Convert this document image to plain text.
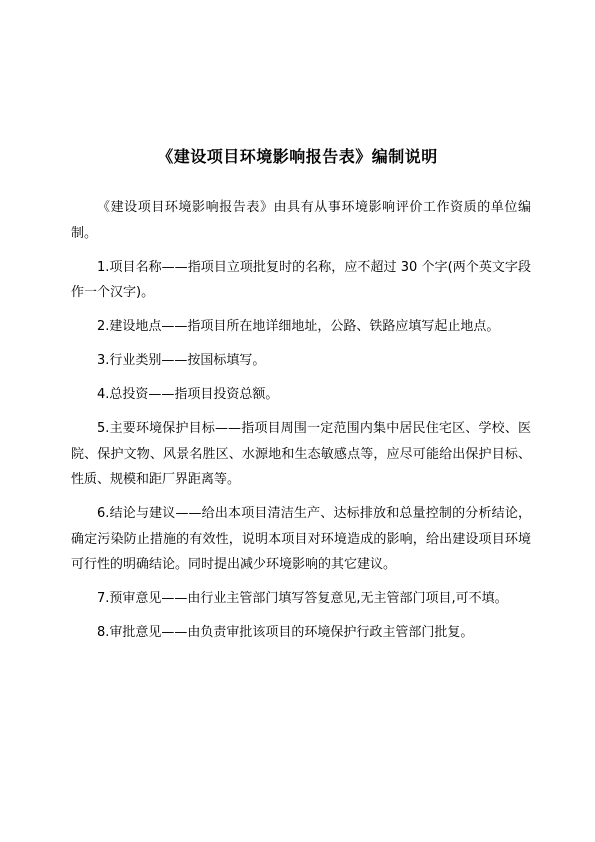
《建设项目环境影响报告表》编制说明

《建设项目环境影响报告表》由具有从事环境影响评价工作资质的单位编制。

1.项目名称——指项目立项批复时的名称，应不超过 30 个字(两个英文字段作一个汉字)。

2.建设地点——指项目所在地详细地址，公路、铁路应填写起止地点。

3.行业类别——按国标填写。

4.总投资——指项目投资总额。

5.主要环境保护目标——指项目周围一定范围内集中居民住宅区、学校、医院、保护文物、风景名胜区、水源地和生态敏感点等，应尽可能给出保护目标、性质、规模和距厂界距离等。

6.结论与建议——给出本项目清洁生产、达标排放和总量控制的分析结论，确定污染防止措施的有效性，说明本项目对环境造成的影响，给出建设项目环境可行性的明确结论。同时提出减少环境影响的其它建议。

7.预审意见——由行业主管部门填写答复意见,无主管部门项目,可不填。

8.审批意见——由负责审批该项目的环境保护行政主管部门批复。
